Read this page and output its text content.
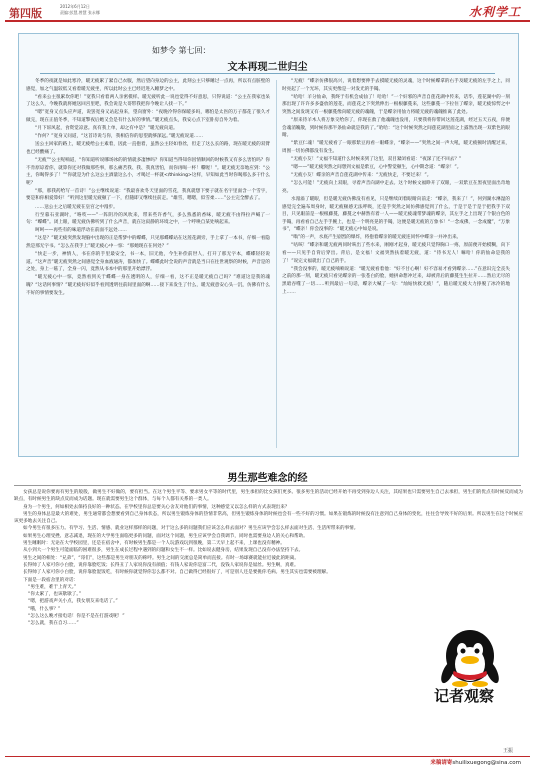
第四版
2012年6月12日
责编:彭慧,曾慧 张永娜	水利学工
如梦令 第七回：
文本再现二世归尘

冬季的夜就是如此寒冷，暖无疲累了紧自己衣服，然后望向身边的公主，此刻公主只够睡过一点再，所以有点脏壁的感觉，加之气温较低又看着暖无疲坐，所以此时公主已经迟进入睡梦之中。

“看来公主很累坎你吧！”宽我只看着两人亲密模样。暖无疲听此一说也觉得不好意思，只得说道：“公主在我家也呆了这么久，今晚我就将她送回宫里吧，我会说是大哥带我把你今晚让人找一下。”

“嗯”宽身又点头应声道，说罢宽身又站起身来，望向窗外：“夜晚冷得你保暖多吗，哪怕是太医的万子都花了很久才做完，现在正值冬季，不知道擎夜后她又会是有什么好的事情。”暖无疲点头，我安心点下室卧房自外为着。

“月下诉风起，食资觉凉意。真有我上单，却之有中是？”暖无疲向道。

“作何？”宽身又问道，“这首诗说与你，我相信你的思望就够深远。”暖无疲说道……

送公主回家的路上，暖无疲给公主素着，因此一直抱着，虽然公主轻如春丝，但走了这么长的路，现在暖无疲的双臂也已经酸痛了。

“无疲”“公主呢喃道，“你知道听说哪场冰的的情就多凄惨吗？你知道当得知你因情顺回的时候我又有多么害怕吗？你不肯原谅着你，就算你还对我做那些事，那么痛苦我、我、我真害怕，而你再喝一杯！嘶喔！”。暖无疲无奈地应到：“公主，你喝得多了！”“你就是为什么这公主酒量这么小，才喝过一杯就</thinking>这样，早知如此当时你喝那么多干什么呢？

“那，那我药给写一首诗！”公主继续说道：“我最喜欢冬天里面的雪花，我真就想下要子就在名宇里面含一个雪字，要是和你相爱算好！”听到这里暖无疲顿了一下，但随即又继续往前走。“雄雪，嗯嗯，似雪柔……”公主完全醉去了。

……送公主之后暖无疲在皇宫之中漫步。

行至暮石亚湖时，“咯吱——”一阵阴冷的风吹来，带来些许香气，多么熟悉的香味，暖无疲不由得拉声喊了一句：“蝶蝶”。闭上眼，暖无疲仿佛听到了什么声音，就在这寂静的环境之中，一个呼唤自某处响起来。

呵呵——再些有的味道浮动在前面不远处……

“这是？”暖无疲突然发现脑中出现的正是帮梦中的蝶蝶，只见那蝶蝶站在这莲花湖旁，手上拿了一本书，仔细一看隐然是那无字书。“怎么在我手上”暖无疲心中一惊：“那她现在在何处？”

“快走一步，神情人，书在你的手里最安全，书一本，旧无他，今生补偿前世人，打开了那无字本，蝶蝶轻轻说道。“这声音”暖无疲突然之间感觉全身血液通涛，都加快了。蝶蝶此时全说的声音就是当日在往世观察的时候，声音是的之处，身上一眩了，全身一闪，竟然从书本中的那里开始漂浮。

“暖无疲心中一惊，竟然看到关于蝶蝶一身在透明的人，仔细一看，这不正是暖无疲自己吗？”难道这是我的魂魄？“这话何事情？”暖无疲好好似乎看到透明往前间里面的啊……接下来发生了什么，暖无疲意安心头一沉，仿佛有什么不好的事情要发生。

“无疲！”蝶亲仿佛很高兴，说着想要伸手去摸暖无疲的灵魂，这个时候蝶拿的右手及暖无疲的左手之上，同时亮起了一个光环，其实更像是一对发光的手镯。

“哈哈！羊分仙命，我终于有机会成仙了！哈哈！”一个奸邪的声音自莲花湖中传来，话毕，莲花湖中的一刻那出现了许许多多盛放的莲花，而莲花之下突然伸出一根根藤蔓来，这些藤蔓一下拉住了蝶亲，暖无疲惊愕之中突然之间发现又有一根藤蔓像向暖无疲的魂魄，于是蝶亲用仙力将暖无疲的魂魄推离了此处。

“原来待羊木人将万象交给你了，你现在救了他魂魄也没用，只要我将你带回这莲花湖，经过五天五夜，你便会魂消魄散，到时候你那半条仙命就是我的了。”哈哈：“这个时候突然之间莲花湖里面之上露然出现一双紫色的眼睛。

“紫豆仁魂！”暖无疲看了一眼那紫豆再看一眼蝶亲，“蝶亲——”突然之间一声大吼，暖无疲顿时清醒过来，周围一切仿佛都没有发生。

“无疲小友！”文福不知道什么时候来到了这里，双目紧闭看道：“夜深了还不回去？”

“嗯——”暖无疲突然之间想到文福是紫豆，心中警觉顿生，心中期念道：“蝶亲！”。

“无疲小友！蝶亲的声音自莲花湖中传来：“无疲快走，不要过来！”。

“怎么可能！”无疲向上双眼，寻着声音向湖中走去。这个时候文福睁开了双眼，一双紫豆在黑夜里面出奇地亮。

水漫溢了暖眼，但是暖无疲仿佛没有看见，只是继续闭着眼睛向前走：“蝶亲，我来了！”，何到湖水淋湿的感觉完全遍布周身时，暖无疲顿感无法呼吸，还是手突然之间仿佛感觉到了什么，于是于是于是于把我手下双目，只见眼前是一根根藤蔓，藤蔓之中赫然有着一人——暖无疲魂带梦魂的蝶亲，其左手之上出现了个银白色的手镯，再看看自己左手手腕上，也是一个明亮晃的手镯，这便是暖无疲的万象书！“一念成佛，一念成魔”，“万象书”，“蝶亲！你会没事的：“暖无疲心中如是说。

“嗡”的一声，水底产生剧烈的爆炸，将抱着蝶亲的暖无疲连同怀中蝶亲一并冲出来。

“咕咳！”蝶亲和暖无疲两同时咳出了些水来，刚刚才起身，暖无疲只觉得胸口一疼，原前便开始模糊，向下看——只见手自背后穿出。背后，是文福！文福突然扶着暖无疲，道：“待书无人！嘛哈！你的仙命是我的了！”说完文福就出了自己的手。

“我会没事的，暖无疲喃喃说道：“暖无疲看着他：“好不甘心啊！好不容易才看到蝶亲……”在意识完全丧失之前的那一刻，暖无疲只看见蝶亲的一张苍白的脸，她拼命想冲过来，却被背后的藤蔓生生拉开……然后无尽的黑暗吞噬了一切……听到最后一句话，蝶亲大喊了一句：“灿姑快救无疲！”，随后暖无疲大力挣脱了冰冷的地上……

男生那些难念的经

女孩总是说你要再有男生的般般，做男生不好做的，要有担当。在这个男生平等、要求男女平等的时代里，男生承担的比女孩们更多。很多男生的活动已经开始不再受到身边人关注，其结果也只需要男生自己去承担，男生们的优点有时候反而成为缺点，有时候男生的缺点反而成为话题。现在就需要男生这个群体，与每个人都有关系的一类人。

身为一个男生，何如相处去保持良好的一种状态。在学校里你总是要关心舍友对他们的事情，这种感觉又以怎么样的方式表现出来？

男生的身体总是最大的难处，男生通常都会想要看到自己身体状态，所以男生锻炼身体的热情非常高，但男生锻炼身体的时候也会有一些不好的习惯。如果在锻炼的时候没有注意到自己身体的变化，往往会导致不好的后果。所以男生在这个时候应该更多地去关注自己。

如今男生有很多压力。有学习、生活、情感、就业这样那样的问题，对于这么多的问题我们应该怎么样去面对？男生应该学会怎么样去面对生活、生活所带来的事情。

如果男生心理受挫、意志减退，现在的大学男生面临更多的问题，面对这个问题，男生应该学会自我调节，同时也需要身边人的关心和帮助。

男生睡眠时：无论在大学校园里，还是在宿舍中，有时候男生都是一个人玩游戏玩到很晚，第二天早上起不来，上课也没有精神。

从小到大一个男生可能面临的困难很多，男生在成长过程中遇到的问题和女生不一样。比如说去健身房，结果发现自己没有办法坚持下去。

男生之间的相处：“兄弟”，“哥们”，这些都是男生对朋友的称呼。男生之间的交流总是简单而直接。有时一场球赛就能拉近彼此的距离。

长得帅了人家可你小白脸，说你靠脸吃饭；长得丑了人家说你没有颜值；有钱人家说你是富二代，没钱人家说你是屌丝。男生啊，真难。

长得帅了人家可你小白脸，说你靠脸混饭吃，有时候你就觉得你怎么都不对。自己做得已经很好了，可是别人还是要挑你毛病。男生其实也需要被理解。

下面是一段宿舍里的对话：

“男生难，难于上青天。”

“你太累了，也该歇歇了。”

“嗯，把游戏声关小点，我女朋友来电话了。”

“哦，什么事？”

“怎么这么晚才接电话！你是不是在打游戏呢！”

“怎么就，我在自习……”

记者观察
王振
来稿请寄shuilixuegong@sina.com
